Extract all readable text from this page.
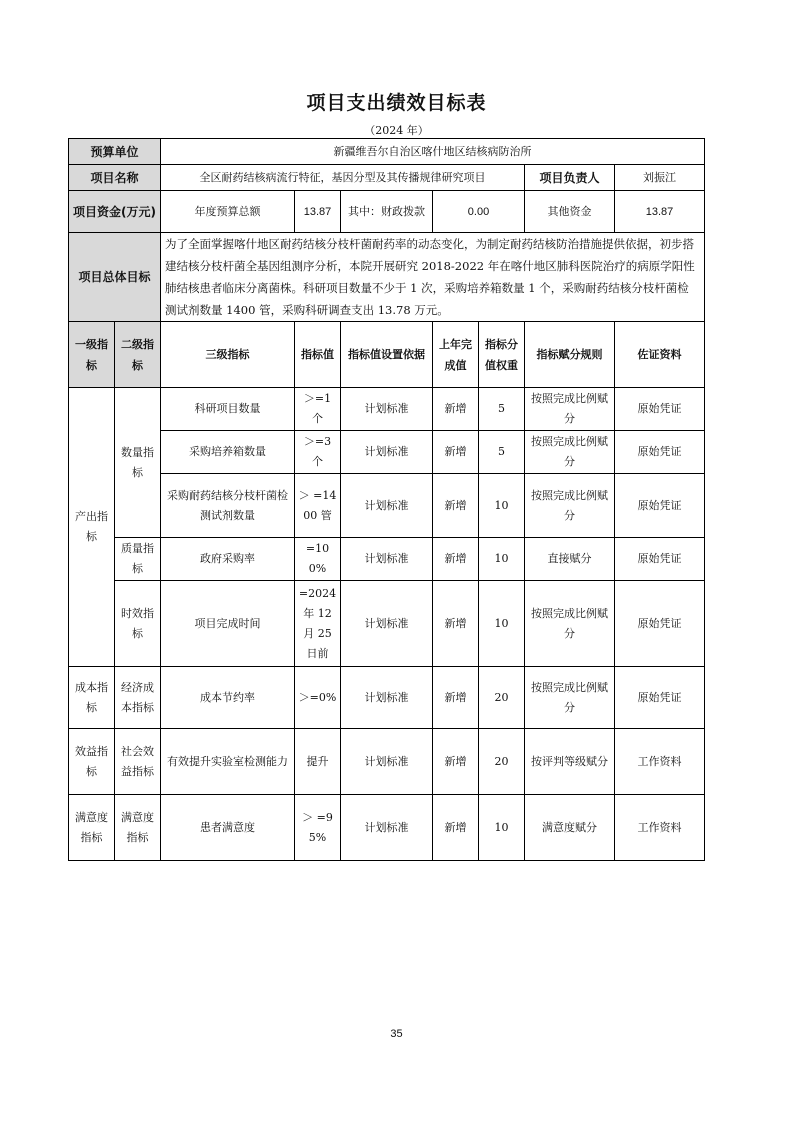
项目支出绩效目标表
（2024 年）
预算单位		新疆维吾尔自治区喀什地区结核病防治所						
项目名称		全区耐药结核病流行特征，基因分型及其传播规律研究项目					项目负责人	刘振江
项目资金(万元)		年度预算总额	13.87	其中：财政拨款	0.00		其他资金	13.87
项目总体目标		为了全面掌握喀什地区耐药结核分枝杆菌耐药率的动态变化，为制定耐药结核防治措施提供依据，初步搭建结核分枝杆菌全基因组测序分析，本院开展研究 2018-2022 年在喀什地区肺科医院治疗的病原学阳性肺结核患者临床分离菌株。科研项目数量不少于 1 次，采购培养箱数量 1 个，采购耐药结核分枝杆菌检测试剂数量 1400 管，采购科研调查支出 13.78 万元。						
一级指标	二级指标	三级指标	指标值	指标值设置依据	上年完成值	指标分值权重	指标赋分规则	佐证资料
产出指标	数量指标	科研项目数量	＞=1 个	计划标准	新增	5	按照完成比例赋分	原始凭证
		采购培养箱数量	＞=3 个	计划标准	新增	5	按照完成比例赋分	原始凭证
		采购耐药结核分枝杆菌检测试剂数量	＞ =1400 管	计划标准	新增	10	按照完成比例赋分	原始凭证
	质量指标	政府采购率	=100%	计划标准	新增	10	直接赋分	原始凭证
	时效指标	项目完成时间	=2024 年 12 月 25 日前	计划标准	新增	10	按照完成比例赋分	原始凭证
成本指标	经济成本指标	成本节约率	＞=0%	计划标准	新增	20	按照完成比例赋分	原始凭证
效益指标	社会效益指标	有效提升实验室检测能力	提升	计划标准	新增	20	按评判等级赋分	工作资料
满意度指标	满意度指标	患者满意度	＞ =95%	计划标准	新增	10	满意度赋分	工作资料
35
